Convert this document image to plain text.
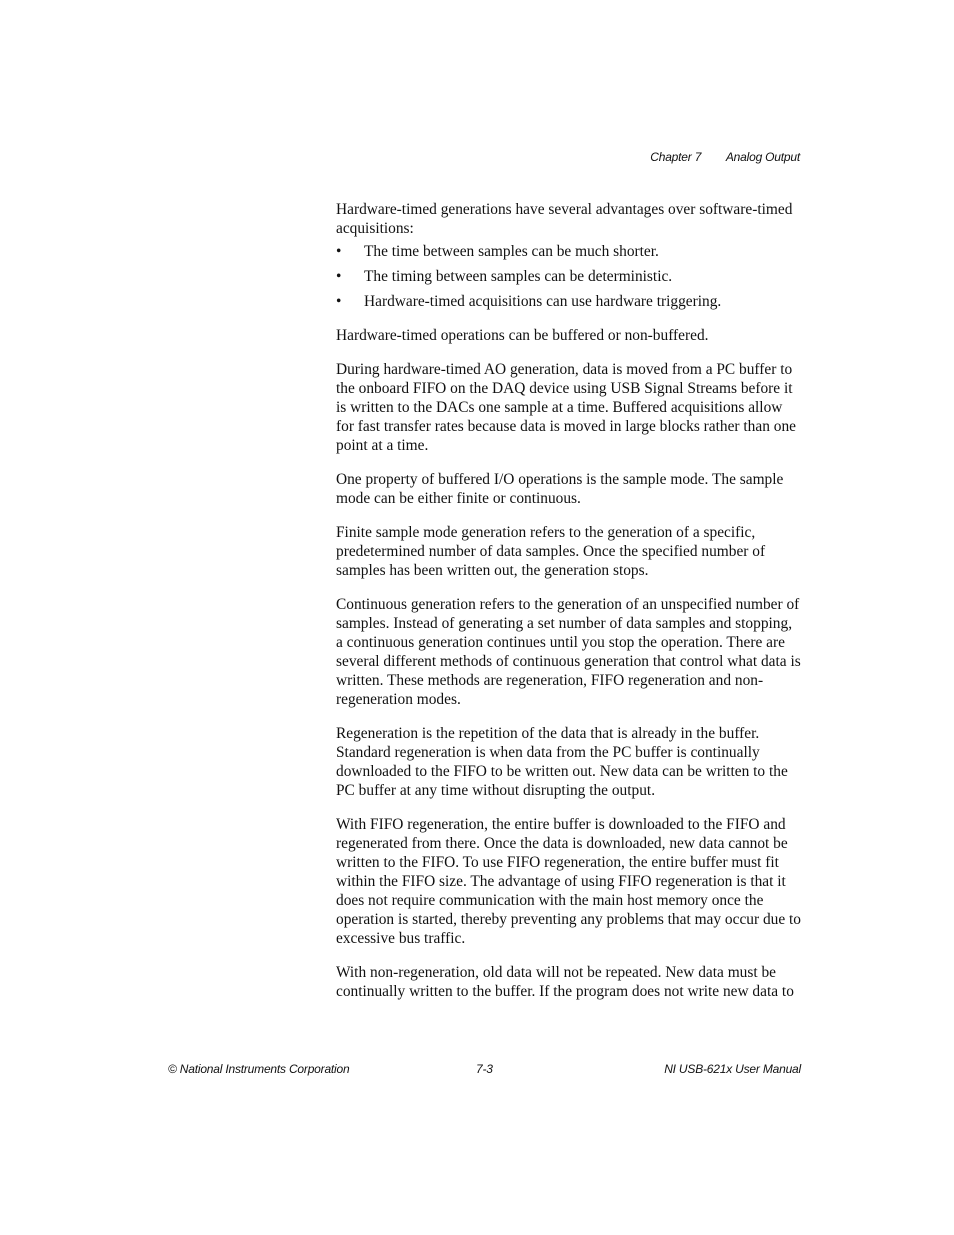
Chapter 7 Analog Output

Hardware-timed generations have several advantages over software-timed acquisitions:

• The time between samples can be much shorter.
• The timing between samples can be deterministic.
• Hardware-timed acquisitions can use hardware triggering.

Hardware-timed operations can be buffered or non-buffered.

During hardware-timed AO generation, data is moved from a PC buffer to the onboard FIFO on the DAQ device using USB Signal Streams before it is written to the DACs one sample at a time. Buffered acquisitions allow for fast transfer rates because data is moved in large blocks rather than one point at a time.

One property of buffered I/O operations is the sample mode. The sample mode can be either finite or continuous.

Finite sample mode generation refers to the generation of a specific, predetermined number of data samples. Once the specified number of samples has been written out, the generation stops.

Continuous generation refers to the generation of an unspecified number of samples. Instead of generating a set number of data samples and stopping, a continuous generation continues until you stop the operation. There are several different methods of continuous generation that control what data is written. These methods are regeneration, FIFO regeneration and non-regeneration modes.

Regeneration is the repetition of the data that is already in the buffer. Standard regeneration is when data from the PC buffer is continually downloaded to the FIFO to be written out. New data can be written to the PC buffer at any time without disrupting the output.

With FIFO regeneration, the entire buffer is downloaded to the FIFO and regenerated from there. Once the data is downloaded, new data cannot be written to the FIFO. To use FIFO regeneration, the entire buffer must fit within the FIFO size. The advantage of using FIFO regeneration is that it does not require communication with the main host memory once the operation is started, thereby preventing any problems that may occur due to excessive bus traffic.

With non-regeneration, old data will not be repeated. New data must be continually written to the buffer. If the program does not write new data to

© National Instruments Corporation	7-3	NI USB-621x User Manual
